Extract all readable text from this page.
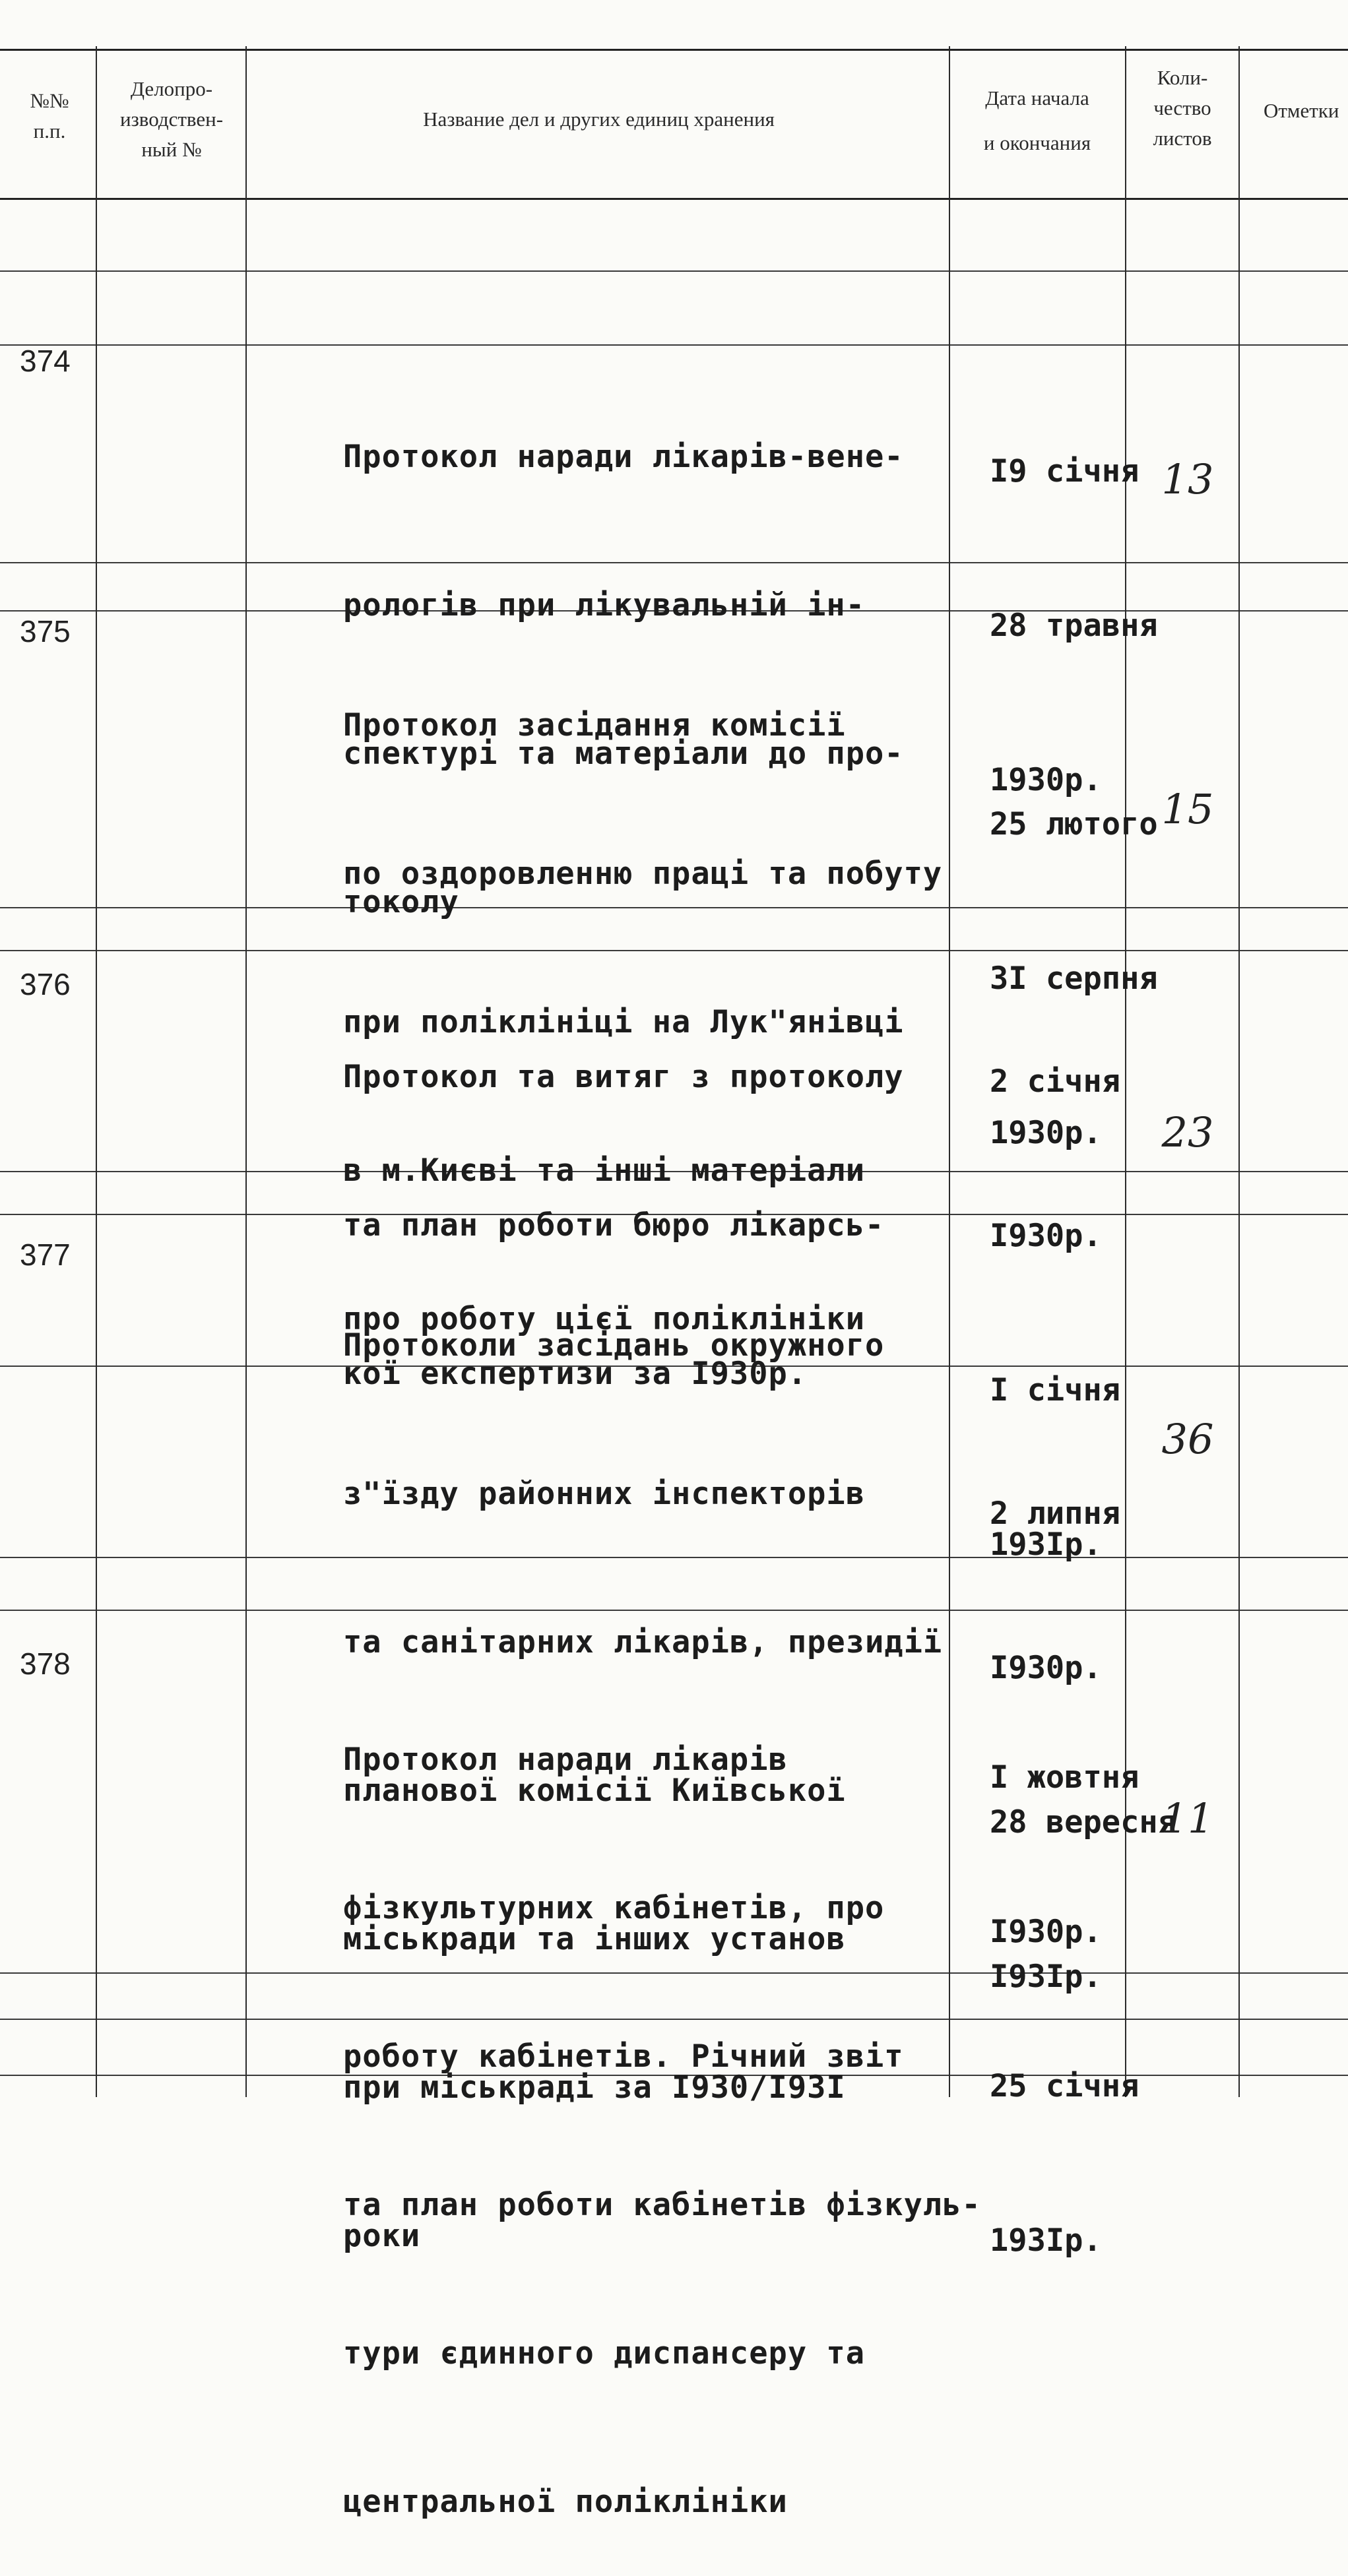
№№
п.п.
Делопро-
изводствен-
ный №
Название дел и других единиц хранения
Дата начала
и окончания
Коли-
чество
листов
Отметки
374

Протокол наради лікарів-вене-

рологів при лікувальній ін-

спектурі та матеріали до про-

токолу

I9 січня

28 травня

1930р.

13
375

Протокол засідання комісії

по оздоровленню праці та побуту

при поліклініці на Лук"янівці

в м.Києві та інші матеріали

про роботу цієї поліклініки

25 лютого

3I серпня

1930р.

15
376

Протокол та витяг з протоколу

та план роботи бюро лікарсь-

кої експертизи за I930р.

2 січня

I930р.

I січня

193Iр.

23
377

Протоколи засідань окружного

з"їзду районних інспекторів

та санітарних лікарів, президії

планової комісії Київської

міськради та інших установ

при міськраді за I930/I93I

роки

2 липня

I930р.

28 вересня

I93Iр.

36
378

Протокол наради лікарів

фізкультурних кабінетів, про

роботу кабінетів. Річний звіт

та план роботи кабінетів фізкуль-

тури єдинного диспансеру та

центральної поліклініки

I жовтня

I930р.

25 січня

193Iр.

11
